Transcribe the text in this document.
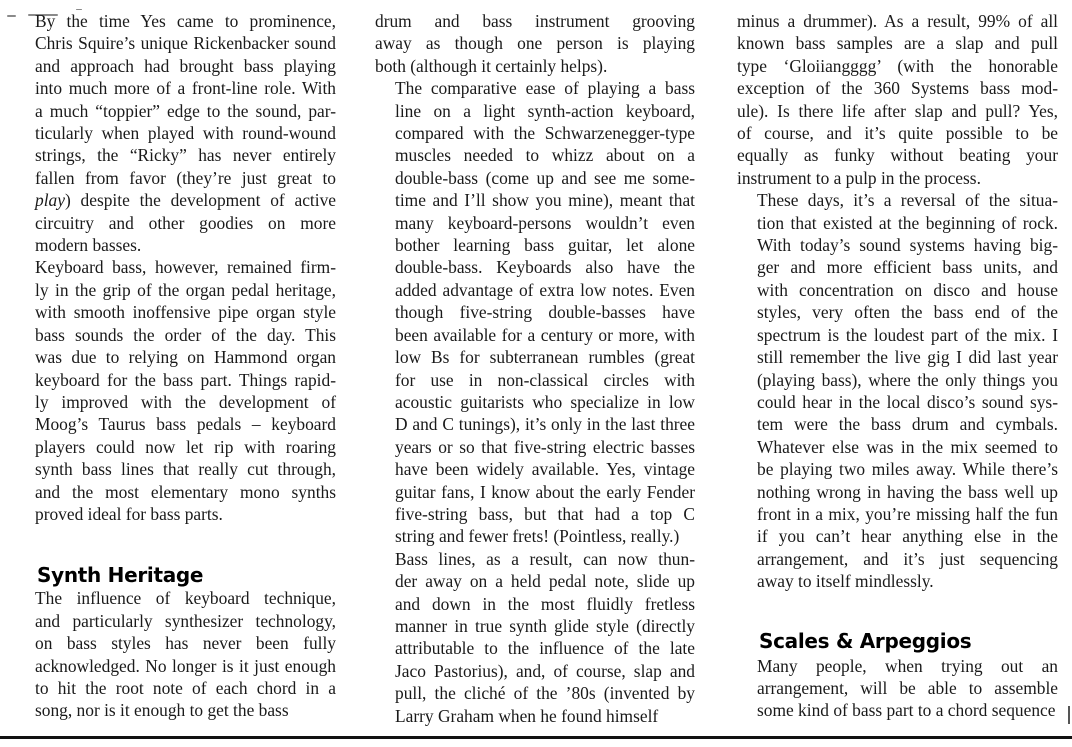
By the time Yes came to prominence,
Chris Squire’s unique Rickenbacker sound
and approach had brought bass playing
into much more of a front-line role. With
a much “toppier” edge to the sound, par-
ticularly when played with round-wound
strings, the “Ricky” has never entirely
fallen from favor (they’re just great to
play) despite the development of active
circuitry and other goodies on more
modern basses.

Keyboard bass, however, remained firm-
ly in the grip of the organ pedal heritage,
with smooth inoffensive pipe organ style
bass sounds the order of the day. This
was due to relying on Hammond organ
keyboard for the bass part. Things rapid-
ly improved with the development of
Moog’s Taurus bass pedals – keyboard
players could now let rip with roaring
synth bass lines that really cut through,
and the most elementary mono synths
proved ideal for bass parts.

Synth Heritage

The influence of keyboard technique,
and particularly synthesizer technology,
on bass styles has never been fully
acknowledged. No longer is it just enough
to hit the root note of each chord in a
song, nor is it enough to get the bass

drum and bass instrument grooving
away as though one person is playing
both (although it certainly helps).

The comparative ease of playing a bass
line on a light synth-action keyboard,
compared with the Schwarzenegger-type
muscles needed to whizz about on a
double-bass (come up and see me some-
time and I’ll show you mine), meant that
many keyboard-persons wouldn’t even
bother learning bass guitar, let alone
double-bass. Keyboards also have the
added advantage of extra low notes. Even
though five-string double-basses have
been available for a century or more, with
low Bs for subterranean rumbles (great
for use in non-classical circles with
acoustic guitarists who specialize in low
D and C tunings), it’s only in the last three
years or so that five-string electric basses
have been widely available. Yes, vintage
guitar fans, I know about the early Fender
five-string bass, but that had a top C
string and fewer frets! (Pointless, really.)

Bass lines, as a result, can now thun-
der away on a held pedal note, slide up
and down in the most fluidly fretless
manner in true synth glide style (directly
attributable to the influence of the late
Jaco Pastorius), and, of course, slap and
pull, the cliché of the ’80s (invented by
Larry Graham when he found himself

minus a drummer). As a result, 99% of all
known bass samples are a slap and pull
type ‘Gloiiangggg’ (with the honorable
exception of the 360 Systems bass mod-
ule). Is there life after slap and pull? Yes,
of course, and it’s quite possible to be
equally as funky without beating your
instrument to a pulp in the process.

These days, it’s a reversal of the situa-
tion that existed at the beginning of rock.
With today’s sound systems having big-
ger and more efficient bass units, and
with concentration on disco and house
styles, very often the bass end of the
spectrum is the loudest part of the mix. I
still remember the live gig I did last year
(playing bass), where the only things you
could hear in the local disco’s sound sys-
tem were the bass drum and cymbals.
Whatever else was in the mix seemed to
be playing two miles away. While there’s
nothing wrong in having the bass well up
front in a mix, you’re missing half the fun
if you can’t hear anything else in the
arrangement, and it’s just sequencing
away to itself mindlessly.

Scales & Arpeggios

Many people, when trying out an
arrangement, will be able to assemble
some kind of bass part to a chord sequence
